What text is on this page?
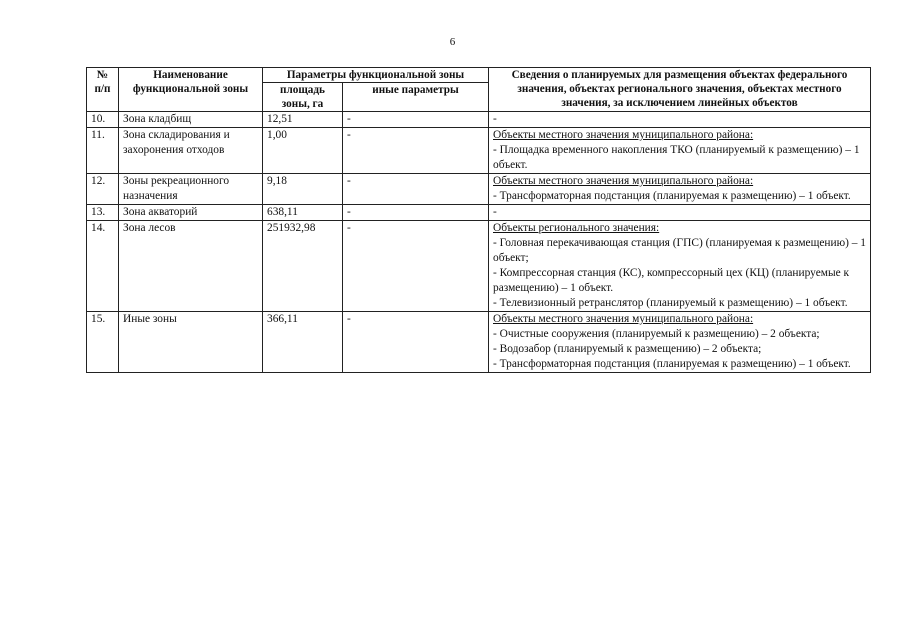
6
№ п/п	Наименование функциональной зоны	Параметры функциональной зоны		Сведения о планируемых для размещения объектах федерального значения, объектах регионального значения, объектах местного значения, за исключением линейных объектов
		площадь зоны, га	иные параметры	
10.	Зона кладбищ	12,51	-	-

11.	Зона складирования и захоронения отходов	1,00	-	Объекты местного значения муниципального района:
- Площадка временного накопления ТКО (планируемый к размещению) – 1 объект.

12.	Зоны рекреационного назначения	9,18	-	Объекты местного значения муниципального района:
- Трансформаторная подстанция (планируемая к размещению) – 1 объект.

13.	Зона акваторий	638,11	-	-

14.	Зона лесов	251932,98	-	Объекты регионального значения:
- Головная перекачивающая станция (ГПС) (планируемая к размещению) – 1 объект;
- Компрессорная станция (КС), компрессорный цех (КЦ) (планируемые к размещению) – 1 объект.
- Телевизионный ретранслятор (планируемый к размещению) – 1 объект.

15.	Иные зоны	366,11	-	Объекты местного значения муниципального района:
- Очистные сооружения (планируемый к размещению) – 2 объекта;
- Водозабор (планируемый к размещению) – 2 объекта;
- Трансформаторная подстанция (планируемая к размещению) – 1 объект.
